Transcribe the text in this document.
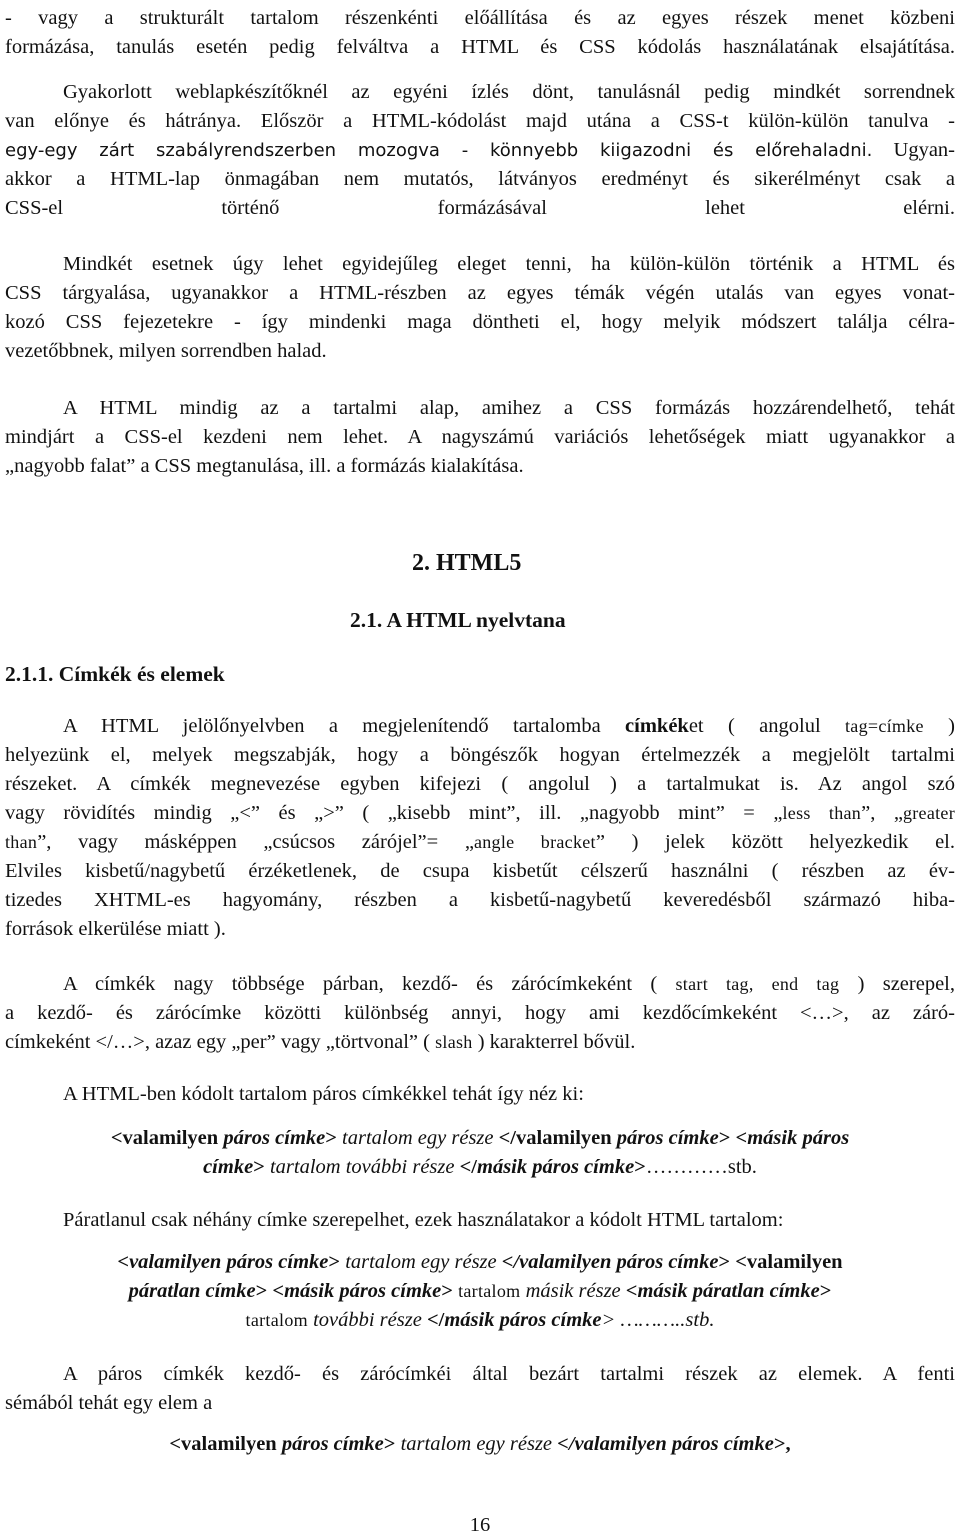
- vagy a strukturált tartalom részenkénti előállítása és az egyes részek menet közbeni
formázása, tanulás esetén pedig felváltva a HTML és CSS kódolás használatának elsajátítása.
Gyakorlott weblapkészítőknél az egyéni ízlés dönt, tanulásnál pedig mindkét sorrendnek
van előnye és hátránya. Először a HTML-kódolást majd utána a CSS-t külön-külön tanulva -
egy-egy zárt szabályrendszerben mozogva - könnyebb kiigazodni és előrehaladni. Ugyan-
akkor a HTML-lap önmagában nem mutatós, látványos eredményt és sikerélményt csak a
CSS-el történő formázásával lehet elérni.
Mindkét esetnek úgy lehet egyidejűleg eleget tenni, ha külön-külön történik a HTML és
CSS tárgyalása, ugyanakkor a HTML-részben az egyes témák végén utalás van egyes vonat-
kozó CSS fejezetekre - így mindenki maga döntheti el, hogy melyik módszert találja célra-
vezetőbbnek, milyen sorrendben halad.
A HTML mindig az a tartalmi alap, amihez a CSS formázás hozzárendelhető, tehát
mindjárt a CSS-el kezdeni nem lehet. A nagyszámú variációs lehetőségek miatt ugyanakkor a
„nagyobb falat” a CSS megtanulása, ill. a formázás kialakítása.
2. HTML5
2.1. A HTML nyelvtana
2.1.1. Címkék és elemek
A HTML jelölőnyelvben a megjelenítendő tartalomba címkéket ( angolul tag=címke )
helyezünk el, melyek megszabják, hogy a böngészők hogyan értelmezzék a megjelölt tartalmi
részeket. A címkék megnevezése egyben kifejezi ( angolul ) a tartalmukat is. Az angol szó
vagy rövidítés mindig „<” és „>” ( „kisebb mint”, ill. „nagyobb mint” = „less than”, „greater
than”, vagy másképpen „csúcsos zárójel”= „angle bracket” ) jelek között helyezkedik el.
Elviles kisbetű/nagybetű érzéketlenek, de csupa kisbetűt célszerű használni ( részben az év-
tizedes XHTML-es hagyomány, részben a kisbetű-nagybetű keveredésből származó hiba-
források elkerülése miatt ).
A címkék nagy többsége párban, kezdő- és zárócímkeként ( start tag, end tag ) szerepel,
a kezdő- és zárócímke közötti különbség annyi, hogy ami kezdőcímkeként <…>, az záró-
címkeként </…>, azaz egy „per” vagy „törtvonal” ( slash ) karakterrel bővül.
A HTML-ben kódolt tartalom páros címkékkel tehát így néz ki:
<valamilyen páros címke> tartalom egy része </valamilyen páros címke> <másik páros
címke> tartalom további része </másik páros címke>…………stb.
Páratlanul csak néhány címke szerepelhet, ezek használatakor a kódolt HTML tartalom:
<valamilyen páros címke> tartalom egy része </valamilyen páros címke> <valamilyen
páratlan címke> <másik páros címke> tartalom másik része <másik páratlan címke>
tartalom további része </másik páros címke> ………..stb.
A páros címkék kezdő- és zárócímkéi által bezárt tartalmi részek az elemek. A fenti
sémából tehát egy elem a
<valamilyen páros címke> tartalom egy része </valamilyen páros címke>,
16
